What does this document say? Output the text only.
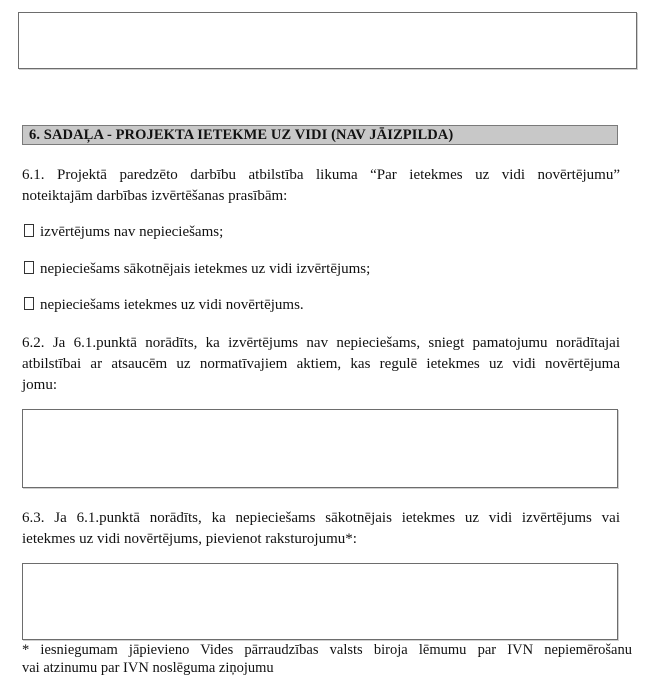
6. SADAĻA - PROJEKTA IETEKME UZ VIDI (NAV JĀIZPILDA)
6.1. Projektā paredzēto darbību atbilstība likuma “Par ietekmes uz vidi novērtējumu”
noteiktajām darbības izvērtēšanas prasībām:
izvērtējums nav nepieciešams;
nepieciešams sākotnējais ietekmes uz vidi izvērtējums;
nepieciešams ietekmes uz vidi novērtējums.
6.2. Ja 6.1.punktā norādīts, ka izvērtējums nav nepieciešams, sniegt pamatojumu norādītajai
atbilstībai ar atsaucēm uz normatīvajiem aktiem, kas regulē ietekmes uz vidi novērtējuma
jomu:
6.3. Ja 6.1.punktā norādīts, ka nepieciešams sākotnējais ietekmes uz vidi izvērtējums vai
ietekmes uz vidi novērtējums, pievienot raksturojumu*:
* iesniegumam jāpievieno Vides pārraudzības valsts biroja lēmumu par IVN nepiemērošanu
vai atzinumu par IVN noslēguma ziņojumu
